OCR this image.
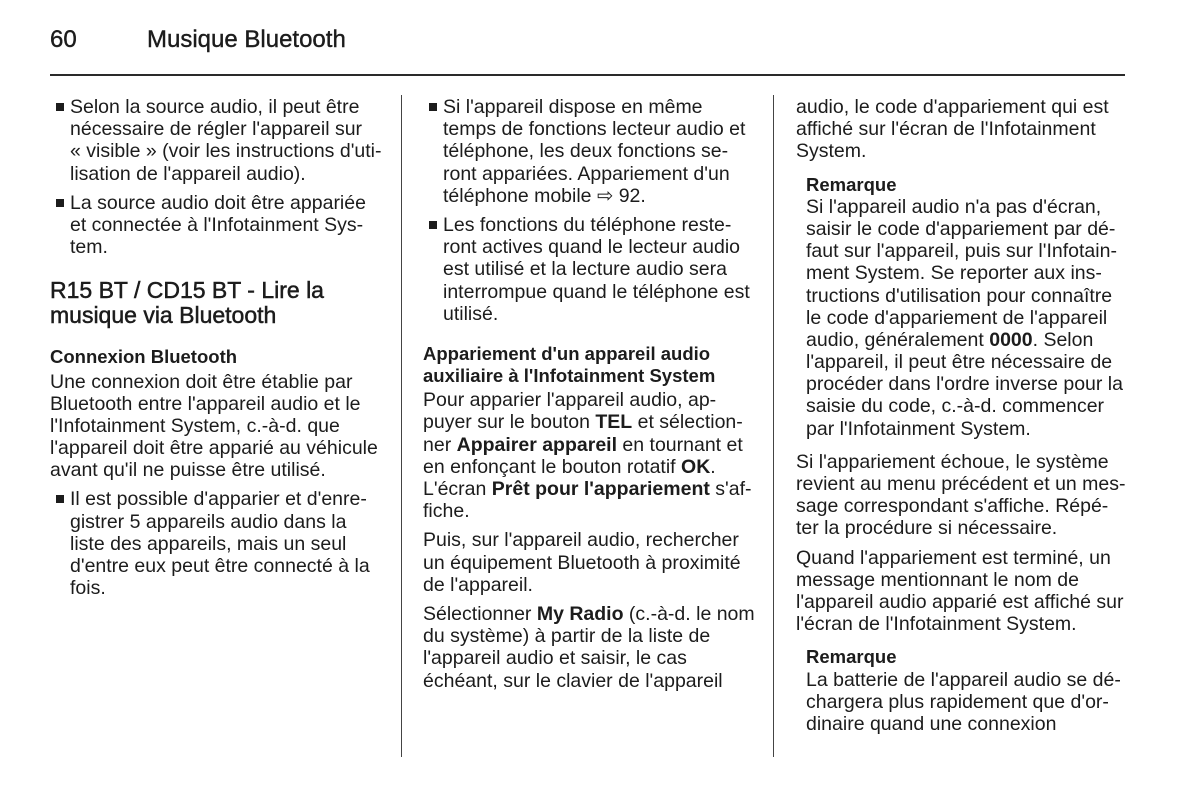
60	Musique Bluetooth
Selon la source audio, il peut être
nécessaire de régler l'appareil sur
« visible » (voir les instructions d'uti-
lisation de l'appareil audio).
La source audio doit être appariée
et connectée à l'Infotainment Sys-
tem.
R15 BT / CD15 BT - Lire la
musique via Bluetooth
Connexion Bluetooth
Une connexion doit être établie par
Bluetooth entre l'appareil audio et le
l'Infotainment System, c.-à-d. que
l'appareil doit être apparié au véhicule
avant qu'il ne puisse être utilisé.
Il est possible d'apparier et d'enre-
gistrer 5 appareils audio dans la
liste des appareils, mais un seul
d'entre eux peut être connecté à la
fois.
Si l'appareil dispose en même
temps de fonctions lecteur audio et
téléphone, les deux fonctions se-
ront appariées. Appariement d'un
téléphone mobile ⇨ 92.
Les fonctions du téléphone reste-
ront actives quand le lecteur audio
est utilisé et la lecture audio sera
interrompue quand le téléphone est
utilisé.
Appariement d'un appareil audio
auxiliaire à l'Infotainment System
Pour apparier l'appareil audio, ap-
puyer sur le bouton TEL et sélection-
ner Appairer appareil en tournant et
en enfonçant le bouton rotatif OK.
L'écran Prêt pour l'appariement s'af-
fiche.
Puis, sur l'appareil audio, rechercher
un équipement Bluetooth à proximité
de l'appareil.
Sélectionner My Radio (c.-à-d. le nom
du système) à partir de la liste de
l'appareil audio et saisir, le cas
échéant, sur le clavier de l'appareil
audio, le code d'appariement qui est
affiché sur l'écran de l'Infotainment
System.
Remarque
Si l'appareil audio n'a pas d'écran,
saisir le code d'appariement par dé-
faut sur l'appareil, puis sur l'Infotain-
ment System. Se reporter aux ins-
tructions d'utilisation pour connaître
le code d'appariement de l'appareil
audio, généralement 0000. Selon
l'appareil, il peut être nécessaire de
procéder dans l'ordre inverse pour la
saisie du code, c.-à-d. commencer
par l'Infotainment System.
Si l'appariement échoue, le système
revient au menu précédent et un mes-
sage correspondant s'affiche. Répé-
ter la procédure si nécessaire.
Quand l'appariement est terminé, un
message mentionnant le nom de
l'appareil audio apparié est affiché sur
l'écran de l'Infotainment System.
Remarque
La batterie de l'appareil audio se dé-
chargera plus rapidement que d'or-
dinaire quand une connexion
